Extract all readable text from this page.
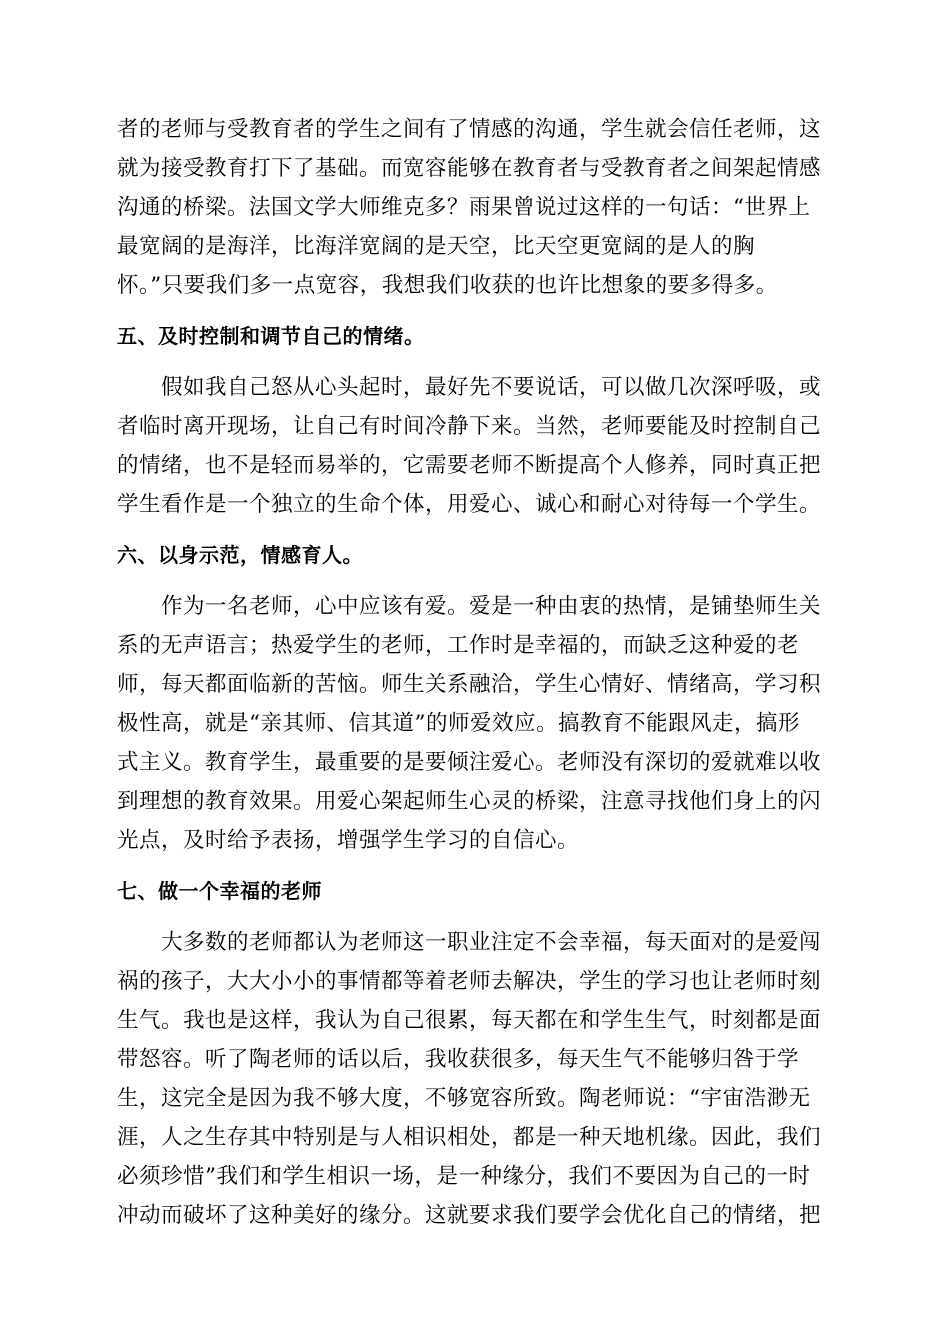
者的老师与受教育者的学生之间有了情感的沟通，学生就会信任老师，这
就为接受教育打下了基础。而宽容能够在教育者与受教育者之间架起情感
沟通的桥梁。法国文学大师维克多？雨果曾说过这样的一句话：“世界上
最宽阔的是海洋，比海洋宽阔的是天空，比天空更宽阔的是人的胸
怀。”只要我们多一点宽容，我想我们收获的也许比想象的要多得多。
五、及时控制和调节自己的情绪。
假如我自己怒从心头起时，最好先不要说话，可以做几次深呼吸，或
者临时离开现场，让自己有时间冷静下来。当然，老师要能及时控制自己
的情绪，也不是轻而易举的，它需要老师不断提高个人修养，同时真正把
学生看作是一个独立的生命个体，用爱心、诚心和耐心对待每一个学生。
六、以身示范，情感育人。
作为一名老师，心中应该有爱。爱是一种由衷的热情，是铺垫师生关
系的无声语言；热爱学生的老师，工作时是幸福的，而缺乏这种爱的老
师，每天都面临新的苦恼。师生关系融洽，学生心情好、情绪高，学习积
极性高，就是“亲其师、信其道”的师爱效应。搞教育不能跟风走，搞形
式主义。教育学生，最重要的是要倾注爱心。老师没有深切的爱就难以收
到理想的教育效果。用爱心架起师生心灵的桥梁，注意寻找他们身上的闪
光点，及时给予表扬，增强学生学习的自信心。
七、做一个幸福的老师
大多数的老师都认为老师这一职业注定不会幸福，每天面对的是爱闯
祸的孩子，大大小小的事情都等着老师去解决，学生的学习也让老师时刻
生气。我也是这样，我认为自己很累，每天都在和学生生气，时刻都是面
带怒容。听了陶老师的话以后，我收获很多，每天生气不能够归咎于学
生，这完全是因为我不够大度，不够宽容所致。陶老师说：“宇宙浩渺无
涯，人之生存其中特别是与人相识相处，都是一种天地机缘。因此，我们
必须珍惜”我们和学生相识一场，是一种缘分，我们不要因为自己的一时
冲动而破坏了这种美好的缘分。这就要求我们要学会优化自己的情绪，把
